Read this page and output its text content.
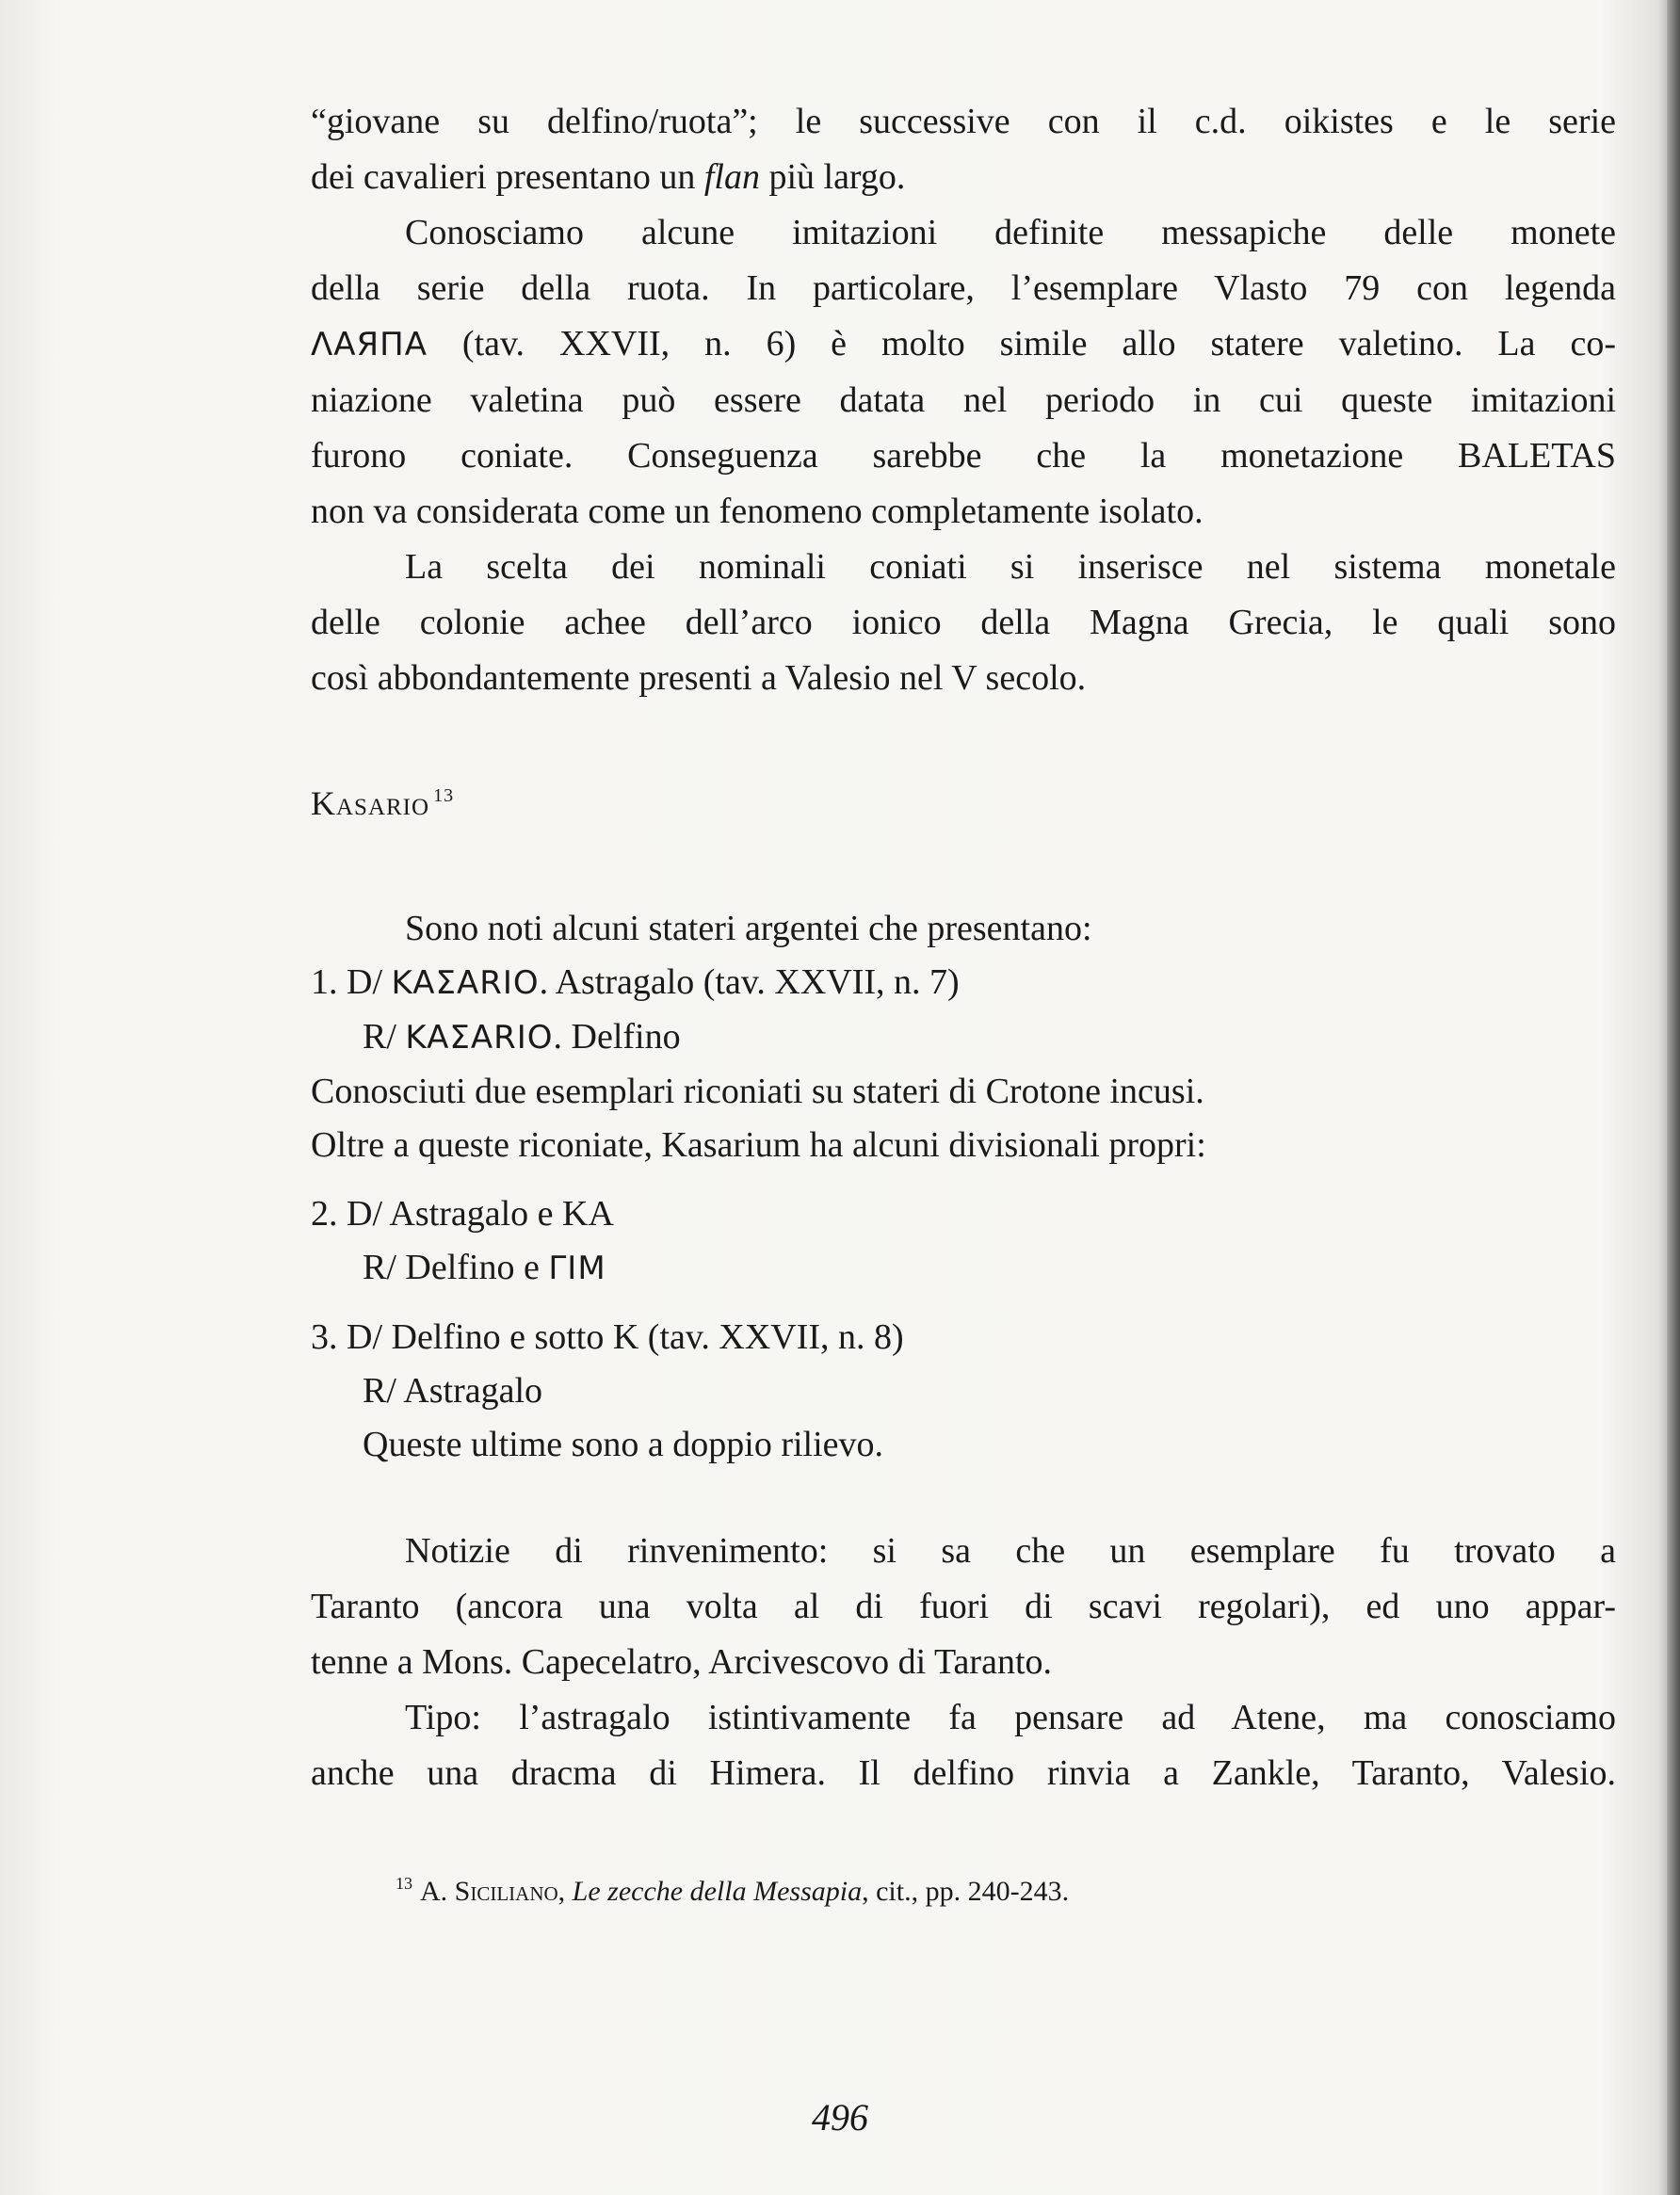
“giovane su delfino/ruota”; le successive con il c.d. oikistes e le serie
dei cavalieri presentano un flan più largo.
Conosciamo alcune imitazioni definite messapiche delle monete
della serie della ruota. In particolare, l’esemplare Vlasto 79 con legenda
ΛΑЯΠΑ (tav. XXVII, n. 6) è molto simile allo statere valetino. La co-
niazione valetina può essere datata nel periodo in cui queste imitazioni
furono coniate. Conseguenza sarebbe che la monetazione BALETAS
non va considerata come un fenomeno completamente isolato.
La scelta dei nominali coniati si inserisce nel sistema monetale
delle colonie achee dell’arco ionico della Magna Grecia, le quali sono
così abbondantemente presenti a Valesio nel V secolo.
Kasario $^{13}$
Sono noti alcuni stateri argentei che presentano:
1. D/ KAΣARIO. Astragalo (tav. XXVII, n. 7)
R/ KAΣARIO. Delfino
Conosciuti due esemplari riconiati su stateri di Crotone incusi.
Oltre a queste riconiate, Kasarium ha alcuni divisionali propri:
2. D/ Astragalo e KA
R/ Delfino e ΓΙΜ
3. D/ Delfino e sotto K (tav. XXVII, n. 8)
R/ Astragalo
Queste ultime sono a doppio rilievo.
Notizie di rinvenimento: si sa che un esemplare fu trovato a
Taranto (ancora una volta al di fuori di scavi regolari), ed uno appar-
tenne a Mons. Capecelatro, Arcivescovo di Taranto.
Tipo: l’astragalo istintivamente fa pensare ad Atene, ma conosciamo
anche una dracma di Himera. Il delfino rinvia a Zankle, Taranto, Valesio.
$^{13}$ A. Siciliano, Le zecche della Messapia, cit., pp. 240-243.
496
